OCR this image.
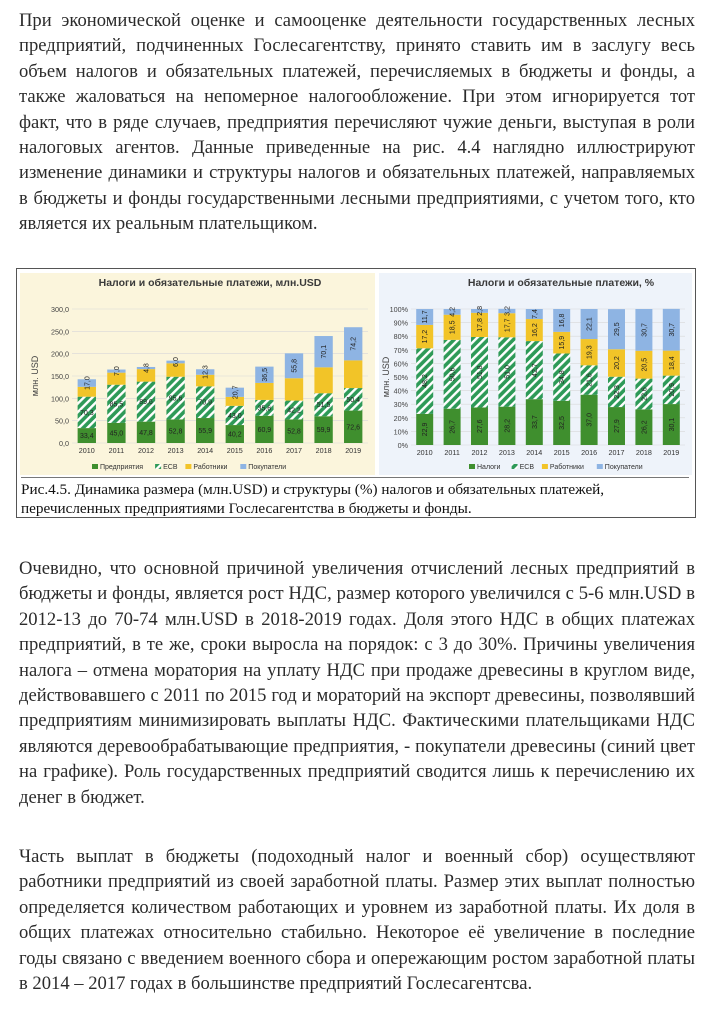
При экономической оценке и самооценке деятельности государственных лесных предприятий, подчиненных Гослесагентству, принято ставить им в заслугу весь объем налогов и обязательных платежей, перечисляемых в бюджеты и фонды, а также жаловаться на непомерное налогообложение. При этом игнорируется тот факт, что в ряде случаев, предприятия перечисляют чужие деньги, выступая в роли налоговых агентов. Данные приведенные на рис. 4.4 наглядно иллюстрируют изменение динамики и структуры налогов и обязательных платежей, направляемых в бюджеты и фонды государственными лесными предприятиями, с учетом того, кто является их реальным плательщиком.

Налоги и обязательные платежи, млн.USD
млн. USD
0,0
50,0
100,0
150,0
200,0
250,0
300,0
33,4
70,3
17,0
2010
45,0
85,5
7,0
2011
47,8
89,6
4,8
2012
52,8
95,6
6,0
2013
55,9
70,9
12,3
2014
40,2
43,0
20,7
2015
60,9
35,6
36,5
2016
52,8
42,2
55,8
2017
59,9
51,5
70,1
2018
72,6
50,4
74,2
2019
Предприятия	ЕСВ Работники	Покупатели
Налоги и обязательные платежи, %
млн. USD
0%
10%
20%
30%
40%
50%
60%
70%
80%
90%
100%
22,9
48,2
17,2
11,7
2010
26,7
50,6
18,5
4,2
2011
27,6
51,8
17,8
2,8
2012
28,2
51,0
17,7
3,2
2013
33,7
42,7
16,2
7,4
2014
32,5
34,8
15,9
16,8
2015
37,0
21,6
19,3
22,1
2016
27,9
22,3
20,2
29,5
2017
26,2
22,6
20,5
30,7
2018
30,1
20,9
18,4
30,7
2019
Налоги	ЕСВ Работники	Покупатели
Рис.4.5. Динамика размера (млн.USD) и структуры (%) налогов и обязательных платежей, перечисленных предприятиями Гослесагентства в бюджеты и фонды.

Очевидно, что основной причиной увеличения отчислений лесных предприятий в бюджеты и фонды, является рост НДС, размер которого увеличился с 5-6 млн.USD в 2012-13 до 70-74 млн.USD в 2018-2019 годах. Доля этого НДС в общих платежах предприятий, в те же, сроки выросла на порядок: с 3 до 30%. Причины увеличения налога – отмена моратория на уплату НДС при продаже древесины в круглом виде, действовавшего с 2011 по 2015 год и мораторий на экспорт древесины, позволявший предприятиям минимизировать выплаты НДС. Фактическими плательщиками НДС являются деревообрабатывающие предприятия, - покупатели древесины (синий цвет на графике). Роль государственных предприятий сводится лишь к перечислению их денег в бюджет.

Часть выплат в бюджеты (подоходный налог и военный сбор) осуществляют работники предприятий из своей заработной платы. Размер этих выплат полностью определяется количеством работающих и уровнем из заработной платы. Их доля в общих платежах относительно стабильно. Некоторое её увеличение в последние годы связано с введением военного сбора и опережающим ростом заработной платы в 2014 – 2017 годах в большинстве предприятий Гослесагентсва.
